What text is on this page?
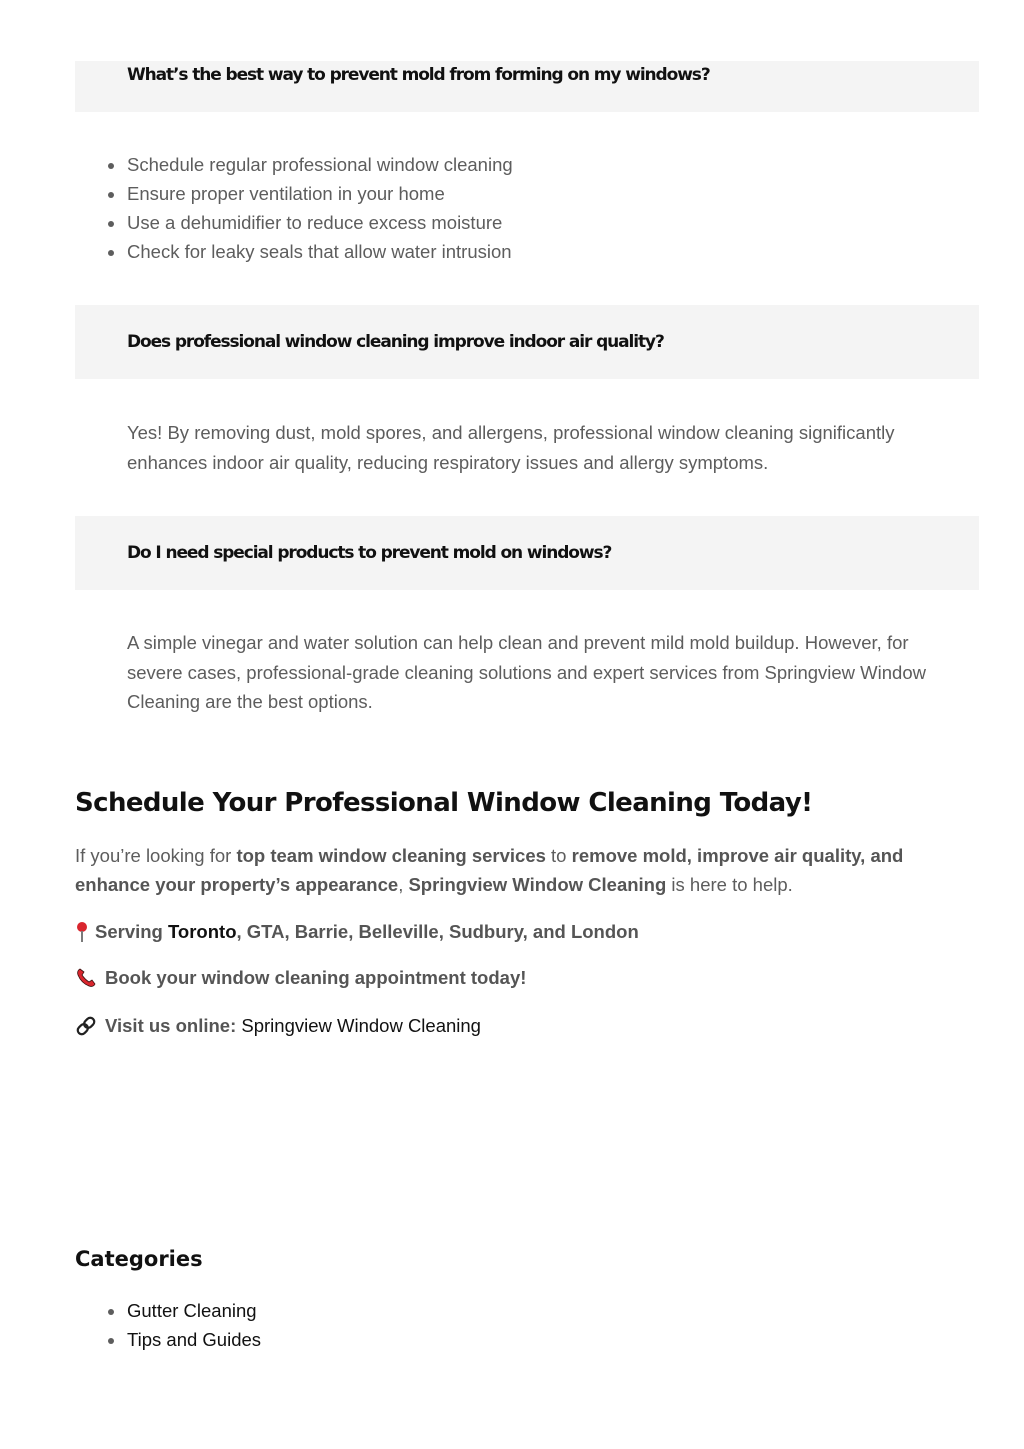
What’s the best way to prevent mold from forming on my windows?
Schedule regular professional window cleaning
Ensure proper ventilation in your home
Use a dehumidifier to reduce excess moisture
Check for leaky seals that allow water intrusion
Does professional window cleaning improve indoor air quality?

Yes! By removing dust, mold spores, and allergens, professional window cleaning significantly enhances indoor air quality, reducing respiratory issues and allergy symptoms.

Do I need special products to prevent mold on windows?

A simple vinegar and water solution can help clean and prevent mild mold buildup. However, for severe cases, professional-grade cleaning solutions and expert services from Springview Window Cleaning are the best options.

Schedule Your Professional Window Cleaning Today!

If you’re looking for top team window cleaning services to remove mold, improve air quality, and enhance your property’s appearance, Springview Window Cleaning is here to help.

Serving
Toronto , GTA, Barrie, Belleville, Sudbury, and London

Book your window cleaning appointment today!

Visit us online:
Springview Window Cleaning

Categories
Gutter Cleaning
Tips and Guides
